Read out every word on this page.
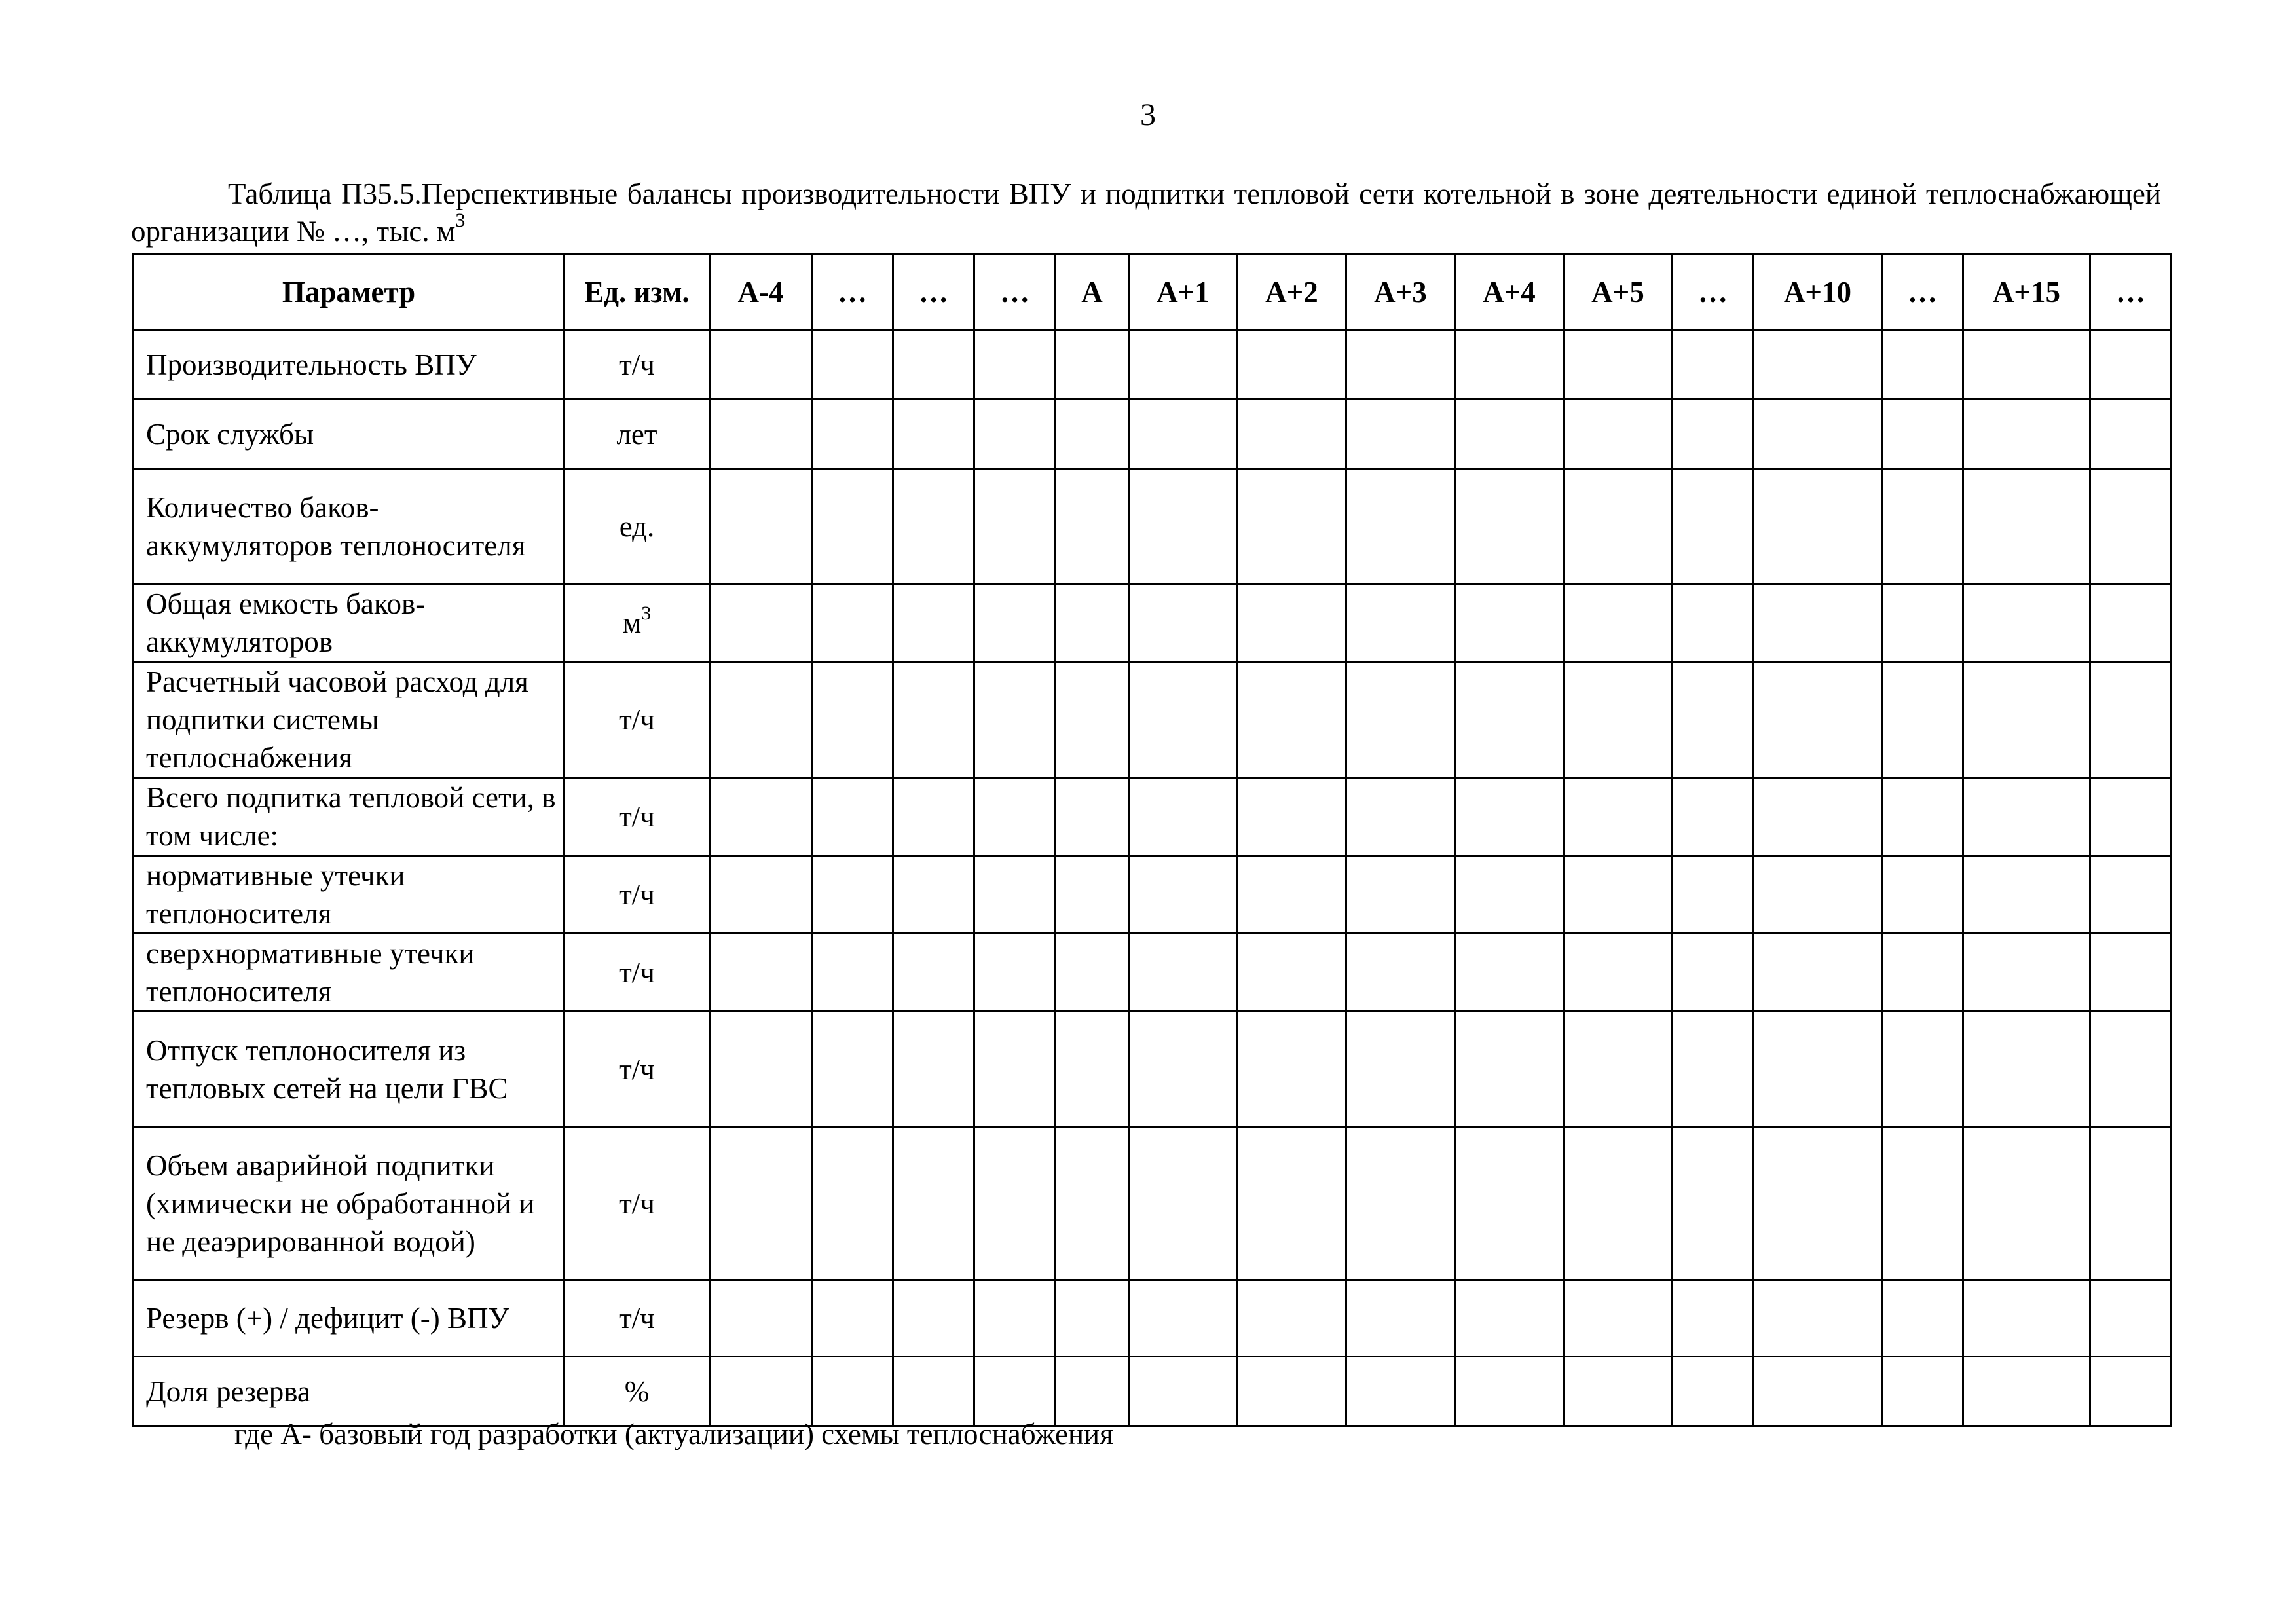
3
Таблица П35.5.Перспективные балансы производительности ВПУ и подпитки тепловой сети котельной в зоне деятельности единой теплоснабжающей организации № …, тыс. $м^3$
Параметр	Ед. изм.	А-4	…	…	…	А	А+1	А+2	А+3	А+4	А+5	…	А+10	…	А+15	…
Производительность ВПУ	т/ч															
Срок службы	лет															
Количество баков-аккумуляторов теплоносителя	ед.															
Общая емкость баков-аккумуляторов	$м^3$															
Расчетный часовой расход для подпитки системы теплоснабжения	т/ч															
Всего подпитка тепловой сети, в том числе:	т/ч															
нормативные утечки теплоносителя	т/ч															
сверхнормативные утечки теплоносителя	т/ч															
Отпуск теплоносителя из тепловых сетей на цели ГВС	т/ч															
Объем аварийной подпитки (химически не обработанной и не деаэрированной водой)	т/ч															
Резерв (+) / дефицит (-) ВПУ	т/ч															
Доля резерва	%															
где А- базовый год разработки (актуализации) схемы теплоснабжения
